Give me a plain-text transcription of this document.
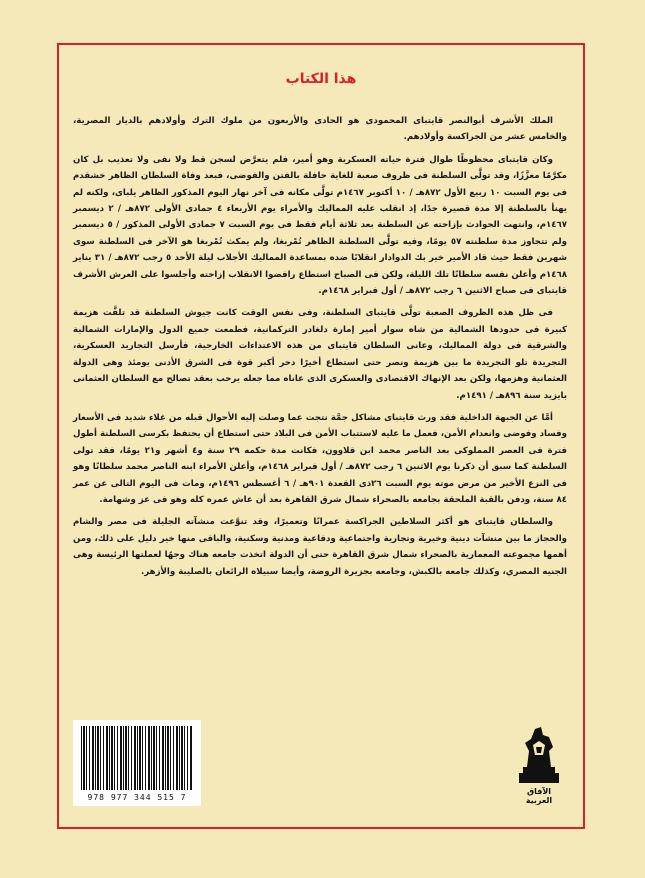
هذا الكتاب

الملك الأشرف أبوالنصر قايتباى المحمودى هو الحادى والأربعون من ملوك الترك وأولادهم بالديار المصرية، والخامس عشر من الجراكسة وأولادهم.

وكان قايتباى محظوظًا طوال فترة حياته العسكرية وهو أمير، فلم يتعرَّض لسجن قط ولا نفى ولا تعذيب بل كان مكرَّمًا معزَّزًا، وقد تولَّى السلطنة فى ظروف صعبة للغاية حافلة بالفتن والفوضى، فبعد وفاة السلطان الظاهر خشقدم فى يوم السبت ١٠ ربيع الأول ٨٧٢هـ / ١٠ أكتوبر ١٤٦٧م تولَّى مكانه فى آخر نهار اليوم المذكور الظاهر يلباى، ولكنه لم يهنأ بالسلطنة إلا مدة قصيرة جدًا، إذ انقلب عليه المماليك والأمراء يوم الأربعاء ٤ جمادى الأولى ٨٧٢هـ / ٢ ديسمبر ١٤٦٧م، وانتهت الحوادث بإزاحته عن السلطنة بعد ثلاثة أيام فقط فى يوم السبت ٧ جمادى الأولى المذكور / ٥ ديسمبر ولم تتجاوز مدة سلطنته ٥٧ يومًا، وفيه تولَّى السلطنة الظاهر تُمْربغا، ولم يمكث تُمْربغا هو الآخر فى السلطنة سوى شهرين فقط حيث قاد الأمير خير بك الدوادار انقلابًا ضده بمساعدة المماليك الأجلاب ليلة الأحد ٥ رجب ٨٧٢هـ / ٣١ يناير ١٤٦٨م وأعلن نفسه سلطانًا تلك الليلة، ولكن فى الصباح استطاع رافضوا الانقلاب إزاحته وأجلسوا على العرش الأشرف قايتباى فى صباح الاثنين ٦ رجب ٨٧٢هـ / أول فبراير ١٤٦٨م.

فى ظل هذه الظروف الصعبة تولَّى قايتباى السلطنة، وفى نفس الوقت كانت جيوش السلطنة قد تلقَّت هزيمة كبيرة فى حدودها الشمالية من شاه سوار أمير إمارة دلغادر التركمانية، فطمعت جميع الدول والإمارات الشمالية والشرقية فى دولة المماليك، وعانى السلطان قايتباى من هذه الاعتداءات الخارجية، فأرسل التجاريد العسكرية، التجريدة تلو التجريدة ما بين هزيمة ونصر حتى استطاع أخيرًا دحر أكبر قوة فى الشرق الأدنى يومئذ وهى الدولة العثمانية وهزمها، ولكن بعد الإنهاك الاقتصادى والعسكرى الذى عاناه مما جعله يرحب بعقد تصالح مع السلطان العثمانى بايزيد سنة ٨٩٦هـ / ١٤٩١م.

أمَّا عن الجبهة الداخلية فقد ورث قايتباى مشاكل جمَّة نتجت عما وصلت إليه الأحوال قبله من غلاء شديد فى الأسعار وفساد وفوضى وانعدام الأمن، فعمل ما عليه لاستتباب الأمن فى البلاد حتى استطاع أن يحتفظ بكرسى السلطنة أطول فترة فى العصر المملوكى بعد الناصر محمد ابن قلاوون، فكانت مدة حكمه ٢٩ سنة و٤ أشهر و٢١ يومًا، فقد تولى السلطنة كما سبق أن ذكرنا يوم الاثنين ٦ رجب ٨٧٢هـ / أول فبراير ١٤٦٨م، وأعلن الأمراء ابنه الناصر محمد سلطانًا وهو فى النزع الأخير من مرض موته يوم السبت ٢٦ذى القعدة ٩٠١هـ / ٦ أغسطس ١٤٩٦م، ومات فى اليوم التالى عن عمر ٨٤ سنة، ودفن بالقبة الملحقة بجامعه بالصحراء شمال شرق القاهرة بعد أن عاش عمره كله وهو فى عز وشهامة.

والسلطان قايتباى هو أكثر السلاطين الجراكسة عمرانًا وتعميرًا، وقد تنوَّعت منشآته الجليلة فى مصر والشام والحجاز ما بين منشآت دينية وخيرية وتجارية واجتماعية ودفاعية ومدنية وسكنية، والباقى منها خير دليل على ذلك، ومن أهمها مجموعته المعمارية بالصحراء شمال شرق القاهرة حتى أن الدولة اتخذت جامعه هناك وجهًا لعملتها الرئيسة وهى الجنيه المصري، وكذلك جامعه بالكبش، وجامعه بجزيرة الروضة، وأيضا سبيلاه الرائعان بالصليبة والأزهر.

978 977 344 515 7
الآفاق العربية
